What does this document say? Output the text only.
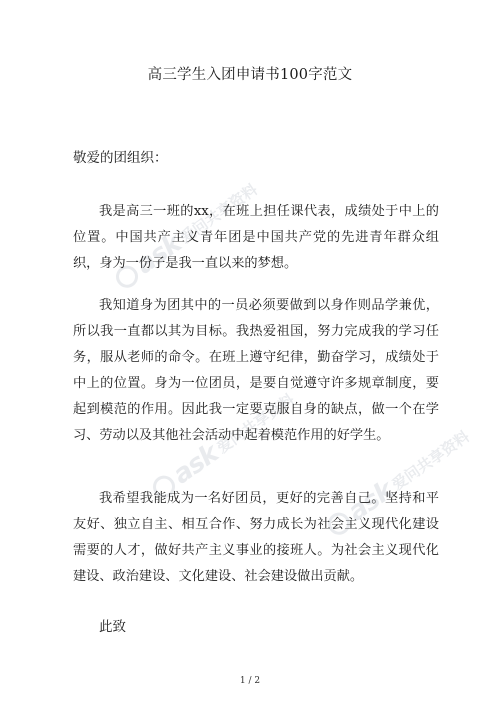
ask
爱问共享资料
ask
爱问共享资料
ask
爱问共享资料
高三学生入团申请书100字范文
敬爱的团组织：

我是高三一班的xx，在班上担任课代表，成绩处于中上的位置。中国共产主义青年团是中国共产党的先进青年群众组织，身为一份子是我一直以来的梦想。

我知道身为团其中的一员必须要做到以身作则品学兼优，所以我一直都以其为目标。我热爱祖国，努力完成我的学习任务，服从老师的命令。在班上遵守纪律，勤奋学习，成绩处于中上的位置。身为一位团员，是要自觉遵守许多规章制度，要起到模范的作用。因此我一定要克服自身的缺点，做一个在学习、劳动以及其他社会活动中起着模范作用的好学生。

我希望我能成为一名好团员，更好的完善自己。坚持和平友好、独立自主、相互合作、努力成长为社会主义现代化建设需要的人才，做好共产主义事业的接班人。为社会主义现代化建设、政治建设、文化建设、社会建设做出贡献。

此致
1 / 2
